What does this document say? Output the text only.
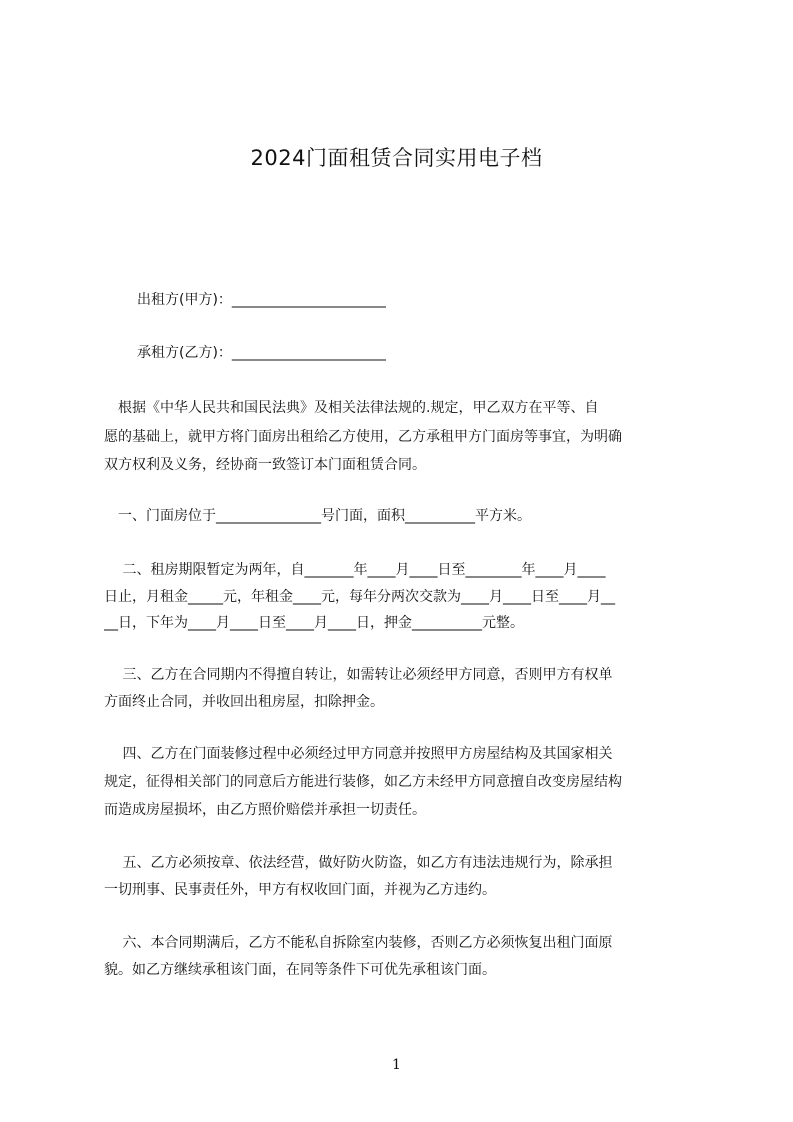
2024门面租赁合同实用电子档
出租方(甲方)：______________________
承租方(乙方)：______________________
　根据《中华人民共和国民法典》及相关法律法规的.规定，甲乙双方在平等、自
愿的基础上，就甲方将门面房出租给乙方使用，乙方承租甲方门面房等事宜，为明确
双方权利及义务，经协商一致签订本门面租赁合同。
　一、门面房位于_______________号门面，面积__________平方米。
　 二、租房期限暂定为两年，自_______年____月____日至________年____月____
日止，月租金_____元，年租金____元，每年分两次交款为____月____日至____月__
__日，下年为____月____日至____月____日，押金__________元整。
　 三、乙方在合同期内不得擅自转让，如需转让必须经甲方同意，否则甲方有权单
方面终止合同，并收回出租房屋，扣除押金。
　 四、乙方在门面装修过程中必须经过甲方同意并按照甲方房屋结构及其国家相关
规定，征得相关部门的同意后方能进行装修，如乙方未经甲方同意擅自改变房屋结构
而造成房屋损坏，由乙方照价赔偿并承担一切责任。
　 五、乙方必须按章、依法经营，做好防火防盗，如乙方有违法违规行为，除承担
一切刑事、民事责任外，甲方有权收回门面，并视为乙方违约。
　 六、本合同期满后，乙方不能私自拆除室内装修，否则乙方必须恢复出租门面原
貌。如乙方继续承租该门面，在同等条件下可优先承租该门面。
1
